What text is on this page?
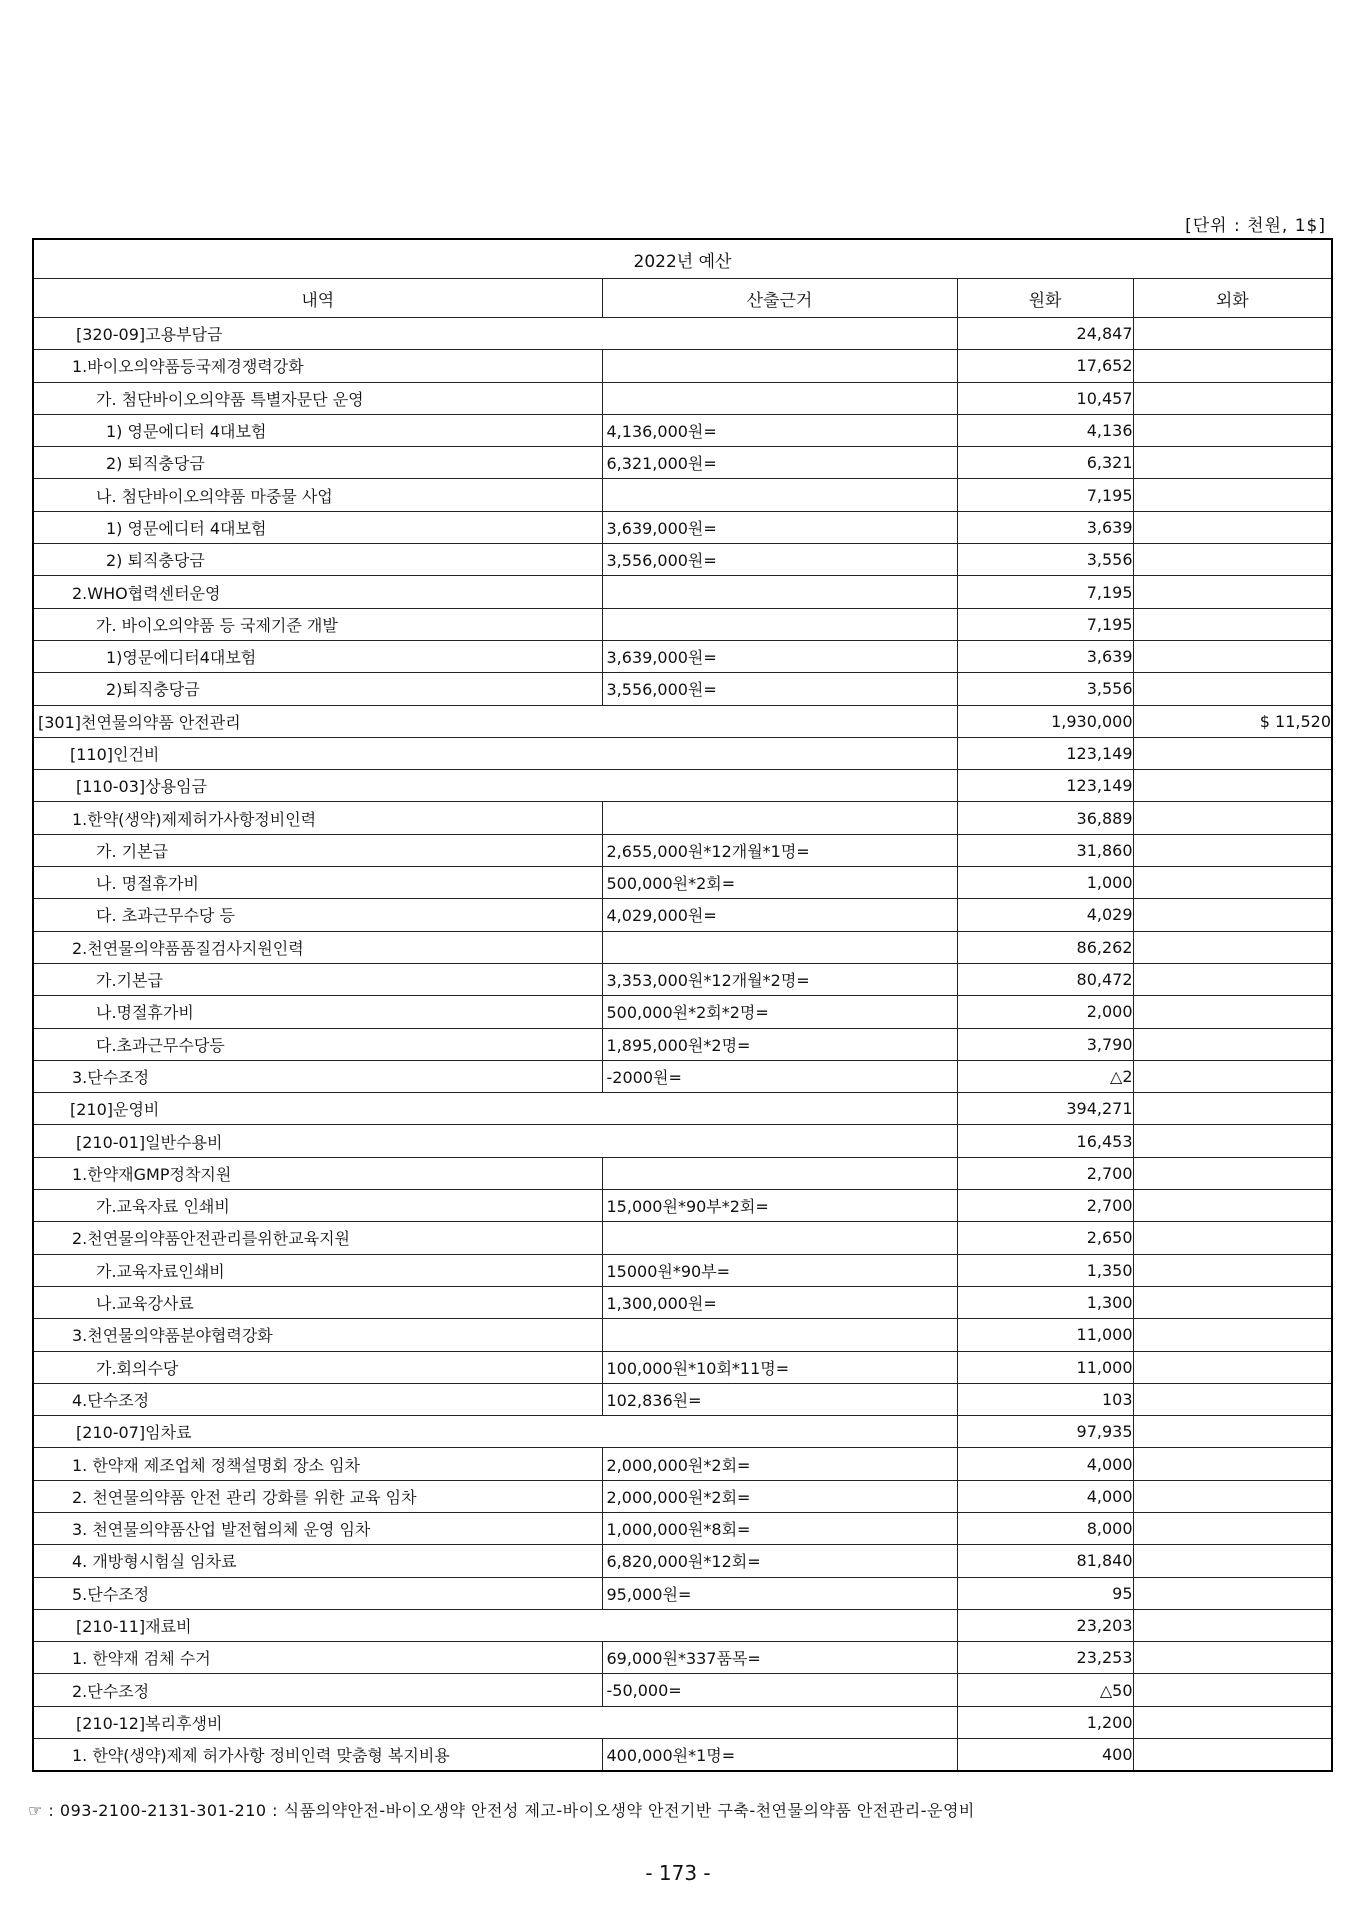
[단위 : 천원, 1$]
2022년 예산			
내역	산출근거	원화	외화
[320-09]고용부담금		24,847	
1.바이오의약품등국제경쟁력강화		17,652	
가. 첨단바이오의약품 특별자문단 운영		10,457	
1) 영문에디터 4대보험	4,136,000원=	4,136	
2) 퇴직충당금	6,321,000원=	6,321	
나. 첨단바이오의약품 마중물 사업		7,195	
1) 영문에디터 4대보험	3,639,000원=	3,639	
2) 퇴직충당금	3,556,000원=	3,556	
2.WHO협력센터운영		7,195	
가. 바이오의약품 등 국제기준 개발		7,195	
1)영문에디터4대보험	3,639,000원=	3,639	
2)퇴직충당금	3,556,000원=	3,556	
[301]천연물의약품 안전관리		1,930,000	$ 11,520
[110]인건비		123,149	
[110-03]상용임금		123,149	
1.한약(생약)제제허가사항정비인력		36,889	
가. 기본급	2,655,000원*12개월*1명=	31,860	
나. 명절휴가비	500,000원*2회=	1,000	
다. 초과근무수당 등	4,029,000원=	4,029	
2.천연물의약품품질검사지원인력		86,262	
가.기본급	3,353,000원*12개월*2명=	80,472	
나.명절휴가비	500,000원*2회*2명=	2,000	
다.초과근무수당등	1,895,000원*2명=	3,790	
3.단수조정	-2000원=	△2	
[210]운영비		394,271	
[210-01]일반수용비		16,453	
1.한약재GMP정착지원		2,700	
가.교육자료 인쇄비	15,000원*90부*2회=	2,700	
2.천연물의약품안전관리를위한교육지원		2,650	
가.교육자료인쇄비	15000원*90부=	1,350	
나.교육강사료	1,300,000원=	1,300	
3.천연물의약품분야협력강화		11,000	
가.회의수당	100,000원*10회*11명=	11,000	
4.단수조정	102,836원=	103	
[210-07]임차료		97,935	
1. 한약재 제조업체 정책설명회 장소 임차	2,000,000원*2회=	4,000	
2. 천연물의약품 안전 관리 강화를 위한 교육 임차	2,000,000원*2회=	4,000	
3. 천연물의약품산업 발전협의체 운영 임차	1,000,000원*8회=	8,000	
4. 개방형시험실 임차료	6,820,000원*12회=	81,840	
5.단수조정	95,000원=	95	
[210-11]재료비		23,203	
1. 한약재 검체 수거	69,000원*337품목=	23,253	
2.단수조정	-50,000=	△50	
[210-12]복리후생비		1,200	
1. 한약(생약)제제 허가사항 정비인력 맞춤형 복지비용	400,000원*1명=	400	
☞ : 093-2100-2131-301-210 : 식품의약안전-바이오생약 안전성 제고-바이오생약 안전기반 구축-천연물의약품 안전관리-운영비
- 173 -
